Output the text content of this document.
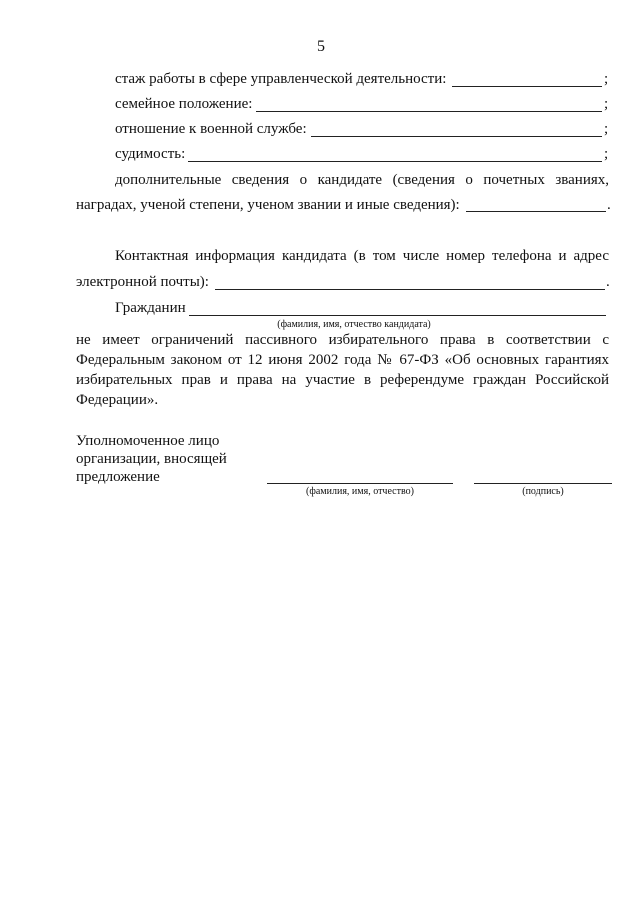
5
стаж работы в сфере управленческой деятельности:	;
семейное положение:	;
отношение к военной службе:	;
судимость:	;
дополнительные сведения о кандидате (сведения о почетных званиях,
наградах, ученой степени, ученом звании и иные сведения):	.
Контактная информация кандидата (в том числе номер телефона и адрес
электронной почты):	.
Гражданин
(фамилия, имя, отчество кандидата)
не имеет ограничений пассивного избирательного права в соответствии с Федеральным законом от 12 июня 2002 года № 67-ФЗ «Об основных гарантиях избирательных прав и права на участие в референдуме граждан Российской Федерации».
Уполномоченное лицо
организации, вносящей
предложение
(фамилия, имя, отчество)	(подпись)
